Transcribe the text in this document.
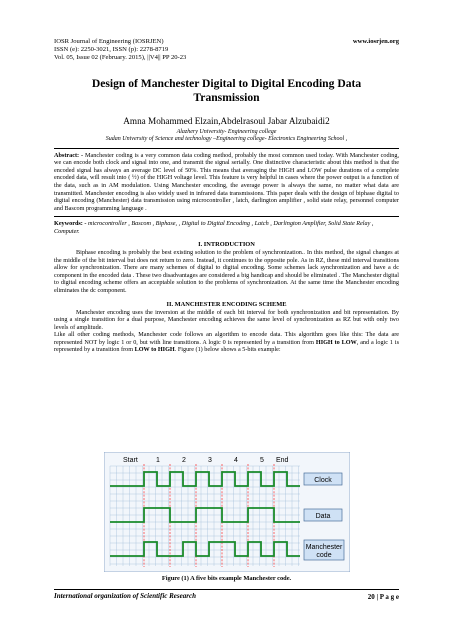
IOSR Journal of Engineering (IOSRJEN)
ISSN (e): 2250-3021, ISSN (p): 2278-8719
Vol. 05, Issue 02 (February. 2015), ||V4|| PP 20-23
www.iosrjen.org
Design of Manchester Digital to Digital Encoding Data
Transmission
Amna Mohammed Elzain,Abdelrasoul Jabar Alzubaidi2
Alazhery University- Engineering college
Sudan University of Science and technology –Engineering college- Electronics Engineering School ,
Abstract: - Manchester coding is a very common data coding method, probably the most common used today. With Manchester coding, we can encode both clock and signal into one, and transmit the signal serially. One distinctive characteristic about this method is that the encoded signal has always an average DC level of 50%. This means that averaging the HIGH and LOW pulse durations of a complete encoded data, will result into ( ½) of the HIGH voltage level. This feature is very helpful in cases where the power output is a function of the data, such as in AM modulation. Using Manchester encoding, the average power is always the same, no matter what data are transmitted. Manchester encoding is also widely used in infrared data transmissions. This paper deals with the design of biphase digital to digital encoding (Manchester) data transmission using microcontroller , latch, darlington amplifier , solid state relay, personnel computer and Bascom programming language .
Keywords: - microcontroller , Bascom , Biphase, , Digital to Digital Encoding , Latch , Darlington Amplifier, Solid State Relay , Computer.
I. INTRODUCTION
Biphase encoding is probably the best existing solution to the problem of synchronization.. In this method, the signal changes at the middle of the bit interval but does not return to zero. Instead, it continues to the opposite pole. As in RZ, these mid interval transitions allow for synchronization. There are many schemes of digital to digital encoding. Some schemes lack synchronization and have a dc component in the encoded data . These two disadvantages are considered a big handicap and should be eliminated . The Manchester digital to digital encoding scheme offers an acceptable solution to the problems of synchronization. At the same time the Manchester encoding eliminates the dc component.
II. MANCHESTER ENCODING SCHEME
Manchester encoding uses the inversion at the middle of each bit interval for both synchronization and bit representation. By using a single transition for a dual purpose, Manchester encoding achieves the same level of synchronization as RZ but with only two levels of amplitude.
Like all other coding methods, Manchester code follows an algorithm to encode data. This algorithm goes like this: The data are represented NOT by logic 1 or 0, but with line transitions. A logic 0 is represented by a transition from HIGH to LOW, and a logic 1 is represented by a transition from LOW to HIGH. Figure (1) below shows a 5-bits example:
Start	1	2	3	4	5 End
Clock
Data
Manchester
code
Figure (1) A five bits example Manchester code.
International organization of Scientific Research	20 | P a g e
